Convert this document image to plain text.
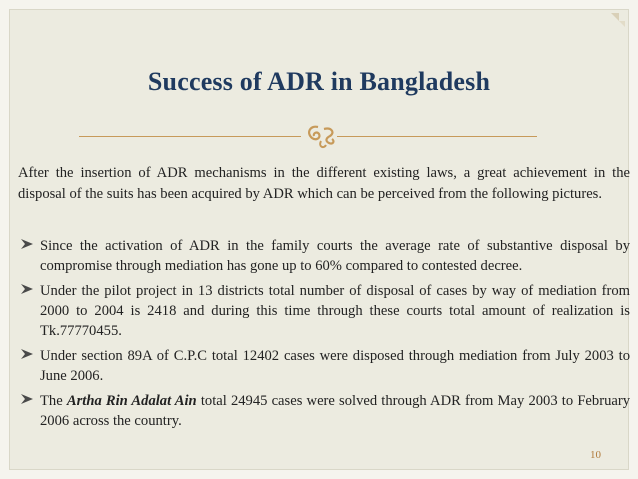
Success of ADR in Bangladesh

After the insertion of ADR mechanisms in the different existing laws, a great achievement in the disposal of the suits has been acquired by ADR which can be perceived from the following pictures.

Since the activation of ADR in the family courts the average rate of substantive disposal by compromise through mediation has gone up to 60% compared to contested decree.
Under the pilot project in 13 districts total number of disposal of cases by way of mediation from 2000 to 2004 is 2418 and during this time through these courts total amount of realization is Tk.77770455.
Under section 89A of C.P.C total 12402 cases were disposed through mediation from July 2003 to June 2006.
The Artha Rin Adalat Ain total 24945 cases were solved through ADR from May 2003 to February 2006 across the country.
10
